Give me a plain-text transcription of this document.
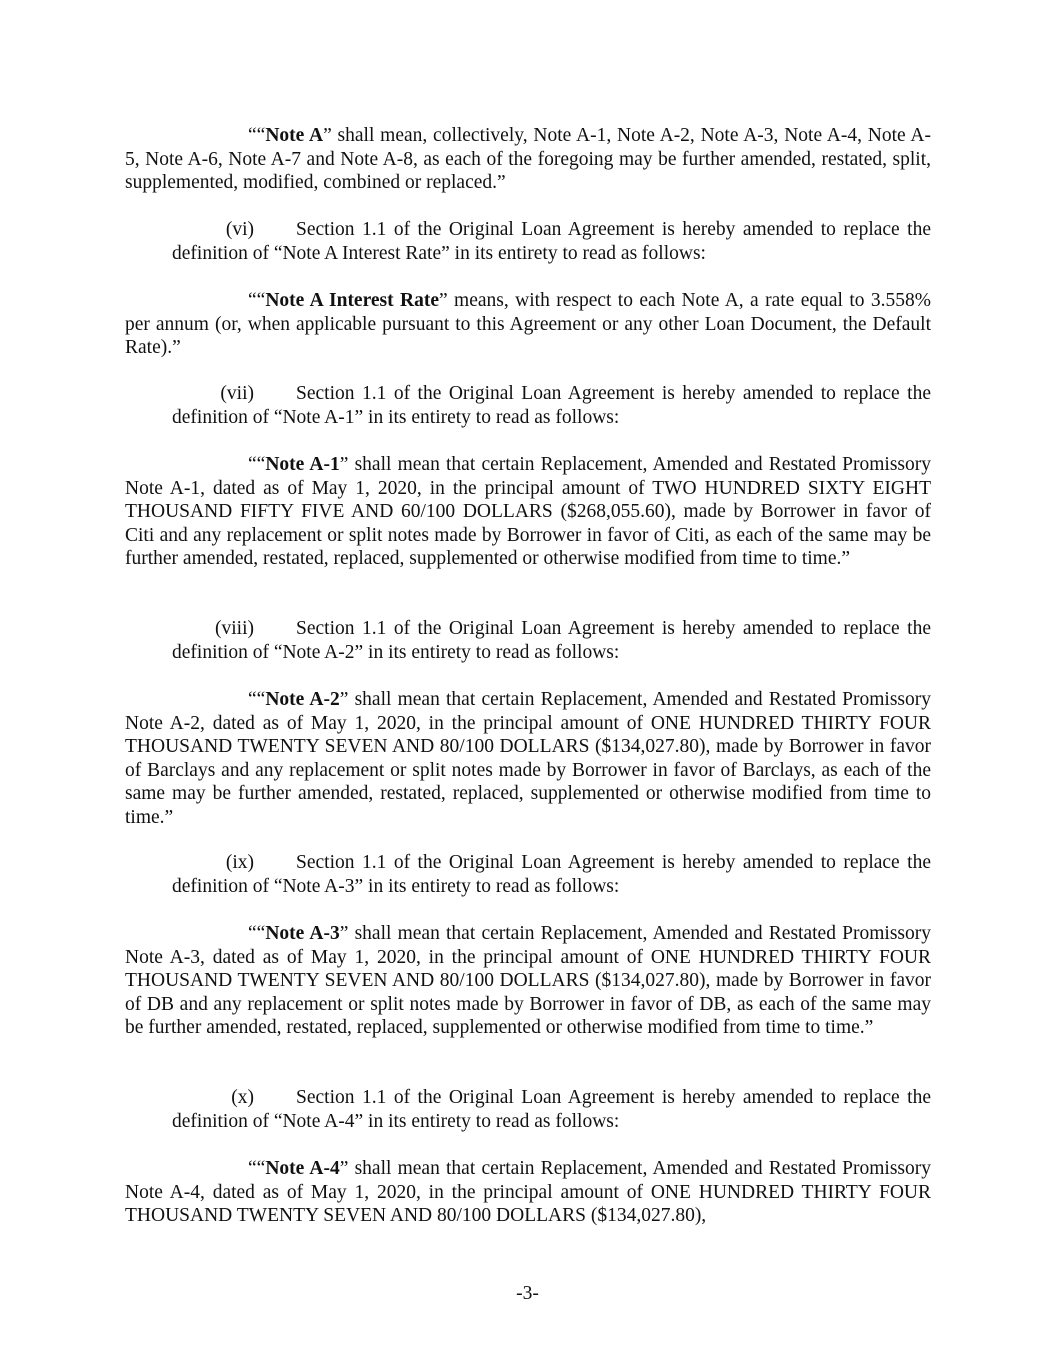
““Note A” shall mean, collectively, Note A-1, Note A-2, Note A-3, Note A-4, Note A-5, Note A-6, Note A-7 and Note A-8, as each of the foregoing may be further amended, restated, split, supplemented, modified, combined or replaced.”

(vi) Section 1.1 of the Original Loan Agreement is hereby amended to replace the definition of “Note A Interest Rate” in its entirety to read as follows:

““Note A Interest Rate” means, with respect to each Note A, a rate equal to 3.558% per annum (or, when applicable pursuant to this Agreement or any other Loan Document, the Default Rate).”

(vii) Section 1.1 of the Original Loan Agreement is hereby amended to replace the definition of “Note A-1” in its entirety to read as follows:

““Note A-1” shall mean that certain Replacement, Amended and Restated Promissory Note A-1, dated as of May 1, 2020, in the principal amount of TWO HUNDRED SIXTY EIGHT THOUSAND FIFTY FIVE AND 60/100 DOLLARS ($268,055.60), made by Borrower in favor of Citi and any replacement or split notes made by Borrower in favor of Citi, as each of the same may be further amended, restated, replaced, supplemented or otherwise modified from time to time.”

(viii) Section 1.1 of the Original Loan Agreement is hereby amended to replace the definition of “Note A-2” in its entirety to read as follows:

““Note A-2” shall mean that certain Replacement, Amended and Restated Promissory Note A-2, dated as of May 1, 2020, in the principal amount of ONE HUNDRED THIRTY FOUR THOUSAND TWENTY SEVEN AND 80/100 DOLLARS ($134,027.80), made by Borrower in favor of Barclays and any replacement or split notes made by Borrower in favor of Barclays, as each of the same may be further amended, restated, replaced, supplemented or otherwise modified from time to time.”

(ix) Section 1.1 of the Original Loan Agreement is hereby amended to replace the definition of “Note A-3” in its entirety to read as follows:

““Note A-3” shall mean that certain Replacement, Amended and Restated Promissory Note A-3, dated as of May 1, 2020, in the principal amount of ONE HUNDRED THIRTY FOUR THOUSAND TWENTY SEVEN AND 80/100 DOLLARS ($134,027.80), made by Borrower in favor of DB and any replacement or split notes made by Borrower in favor of DB, as each of the same may be further amended, restated, replaced, supplemented or otherwise modified from time to time.”

(x) Section 1.1 of the Original Loan Agreement is hereby amended to replace the definition of “Note A-4” in its entirety to read as follows:

““Note A-4” shall mean that certain Replacement, Amended and Restated Promissory Note A-4, dated as of May 1, 2020, in the principal amount of ONE HUNDRED THIRTY FOUR THOUSAND TWENTY SEVEN AND 80/100 DOLLARS ($134,027.80),

-3-
